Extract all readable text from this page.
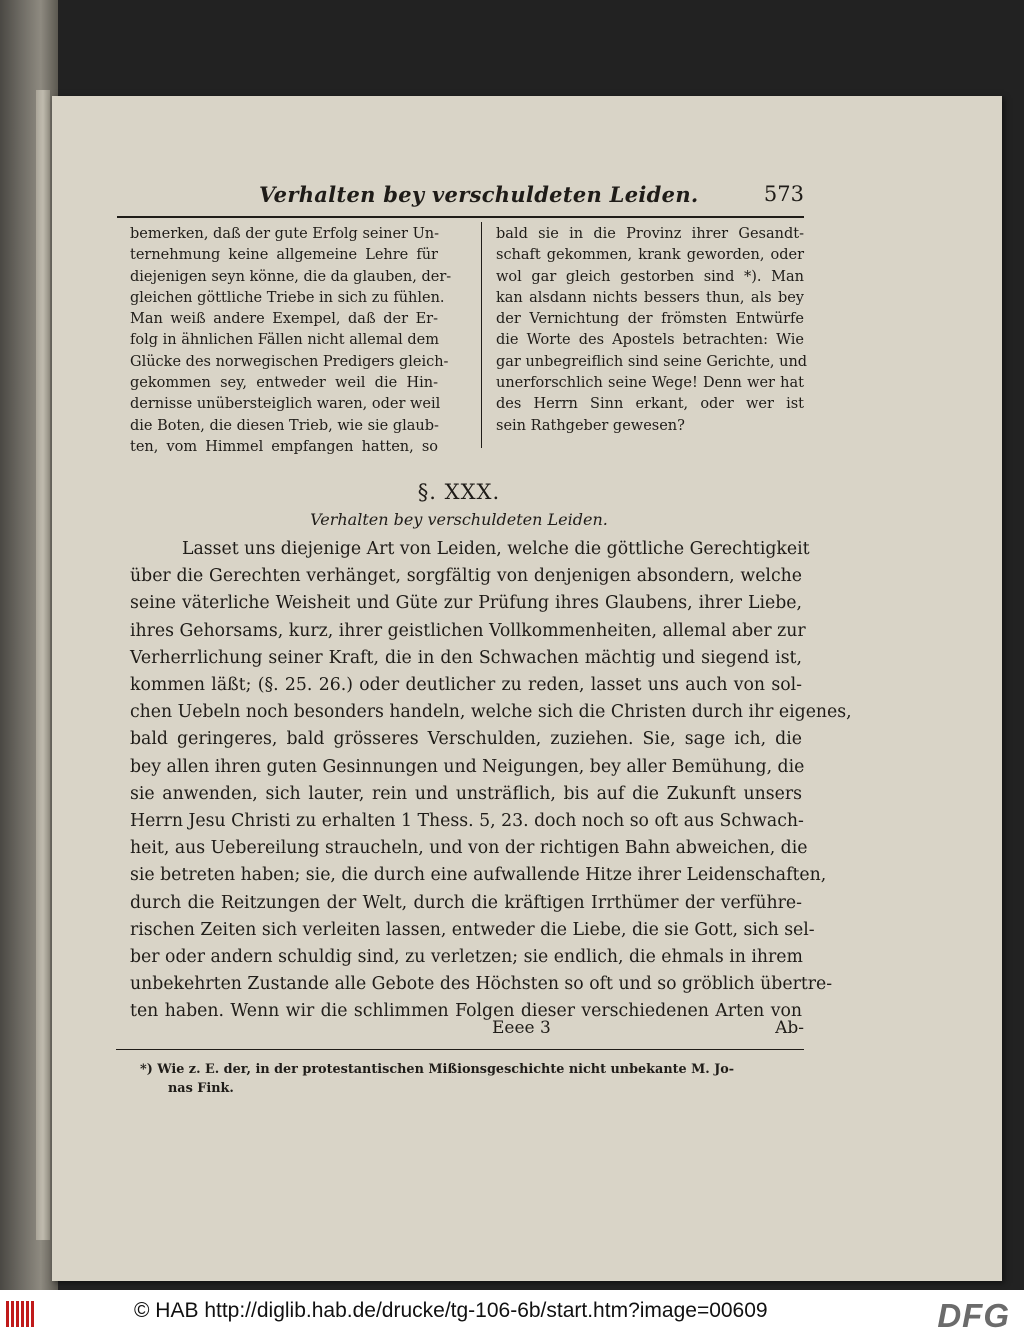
Verhalten bey verschuldeten Leiden.	573
bemerken, daß der gute Erfolg seiner Un-
ternehmung keine allgemeine Lehre für
diejenigen seyn könne, die da glauben, der-
gleichen göttliche Triebe in sich zu fühlen.
Man weiß andere Exempel, daß der Er-
folg in ähnlichen Fällen nicht allemal dem
Glücke des norwegischen Predigers gleich-
gekommen sey, entweder weil die Hin-
dernisse unübersteiglich waren, oder weil
die Boten, die diesen Trieb, wie sie glaub-
ten, vom Himmel empfangen hatten, so
bald sie in die Provinz ihrer Gesandt-
schaft gekommen, krank geworden, oder
wol gar gleich gestorben sind *). Man
kan alsdann nichts bessers thun, als bey
der Vernichtung der frömsten Entwürfe
die Worte des Apostels betrachten: Wie
gar unbegreiflich sind seine Gerichte, und
unerforschlich seine Wege! Denn wer hat
des Herrn Sinn erkant, oder wer ist
sein Rathgeber gewesen?
§. XXX.
Verhalten bey verschuldeten Leiden.
Lasset uns diejenige Art von Leiden, welche die göttliche Gerechtigkeit
über die Gerechten verhänget, sorgfältig von denjenigen absondern, welche
seine väterliche Weisheit und Güte zur Prüfung ihres Glaubens, ihrer Liebe,
ihres Gehorsams, kurz, ihrer geistlichen Vollkommenheiten, allemal aber zur
Verherrlichung seiner Kraft, die in den Schwachen mächtig und siegend ist,
kommen läßt; (§. 25. 26.) oder deutlicher zu reden, lasset uns auch von sol-
chen Uebeln noch besonders handeln, welche sich die Christen durch ihr eigenes,
bald geringeres, bald grösseres Verschulden, zuziehen. Sie, sage ich, die
bey allen ihren guten Gesinnungen und Neigungen, bey aller Bemühung, die
sie anwenden, sich lauter, rein und unsträflich, bis auf die Zukunft unsers
Herrn Jesu Christi zu erhalten 1 Thess. 5, 23. doch noch so oft aus Schwach-
heit, aus Uebereilung straucheln, und von der richtigen Bahn abweichen, die
sie betreten haben; sie, die durch eine aufwallende Hitze ihrer Leidenschaften,
durch die Reitzungen der Welt, durch die kräftigen Irrthümer der verführe-
rischen Zeiten sich verleiten lassen, entweder die Liebe, die sie Gott, sich sel-
ber oder andern schuldig sind, zu verletzen; sie endlich, die ehmals in ihrem
unbekehrten Zustande alle Gebote des Höchsten so oft und so gröblich übertre-
ten haben. Wenn wir die schlimmen Folgen dieser verschiedenen Arten von
Eeee 3	Ab-
*) Wie z. E. der, in der protestantischen Mißionsgeschichte nicht unbekante M. Jo-
nas Fink.
© HAB http://diglib.hab.de/drucke/tg-106-6b/start.htm?image=00609	DFG
